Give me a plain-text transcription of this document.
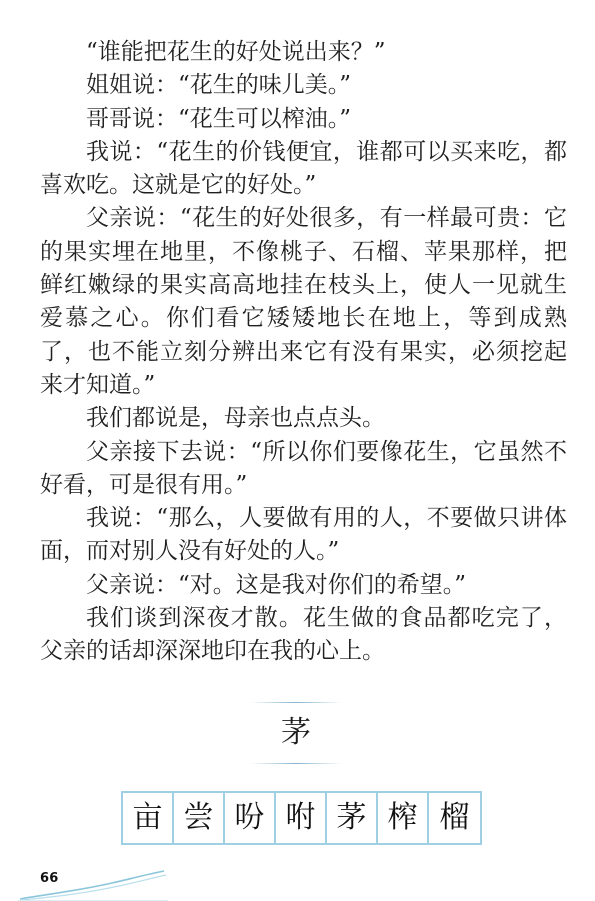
“谁能把花生的好处说出来？”

姐姐说：“花生的味儿美。”

哥哥说：“花生可以榨油。”

我说：“花生的价钱便宜，谁都可以买来吃，都喜欢吃。这就是它的好处。”

父亲说：“花生的好处很多，有一样最可贵：它的果实埋在地里，不像桃子、石榴、苹果那样，把鲜红嫩绿的果实高高地挂在枝头上，使人一见就生爱慕之心。你们看它矮矮地长在地上，等到成熟了，也不能立刻分辨出来它有没有果实，必须挖起来才知道。”

我们都说是，母亲也点点头。

父亲接下去说：“所以你们要像花生，它虽然不好看，可是很有用。”

我说：“那么，人要做有用的人，不要做只讲体面，而对别人没有好处的人。”

父亲说：“对。这是我对你们的希望。”

我们谈到深夜才散。花生做的食品都吃完了，父亲的话却深深地印在我的心上。

茅
亩 尝 吩 咐 茅 榨 榴
66
